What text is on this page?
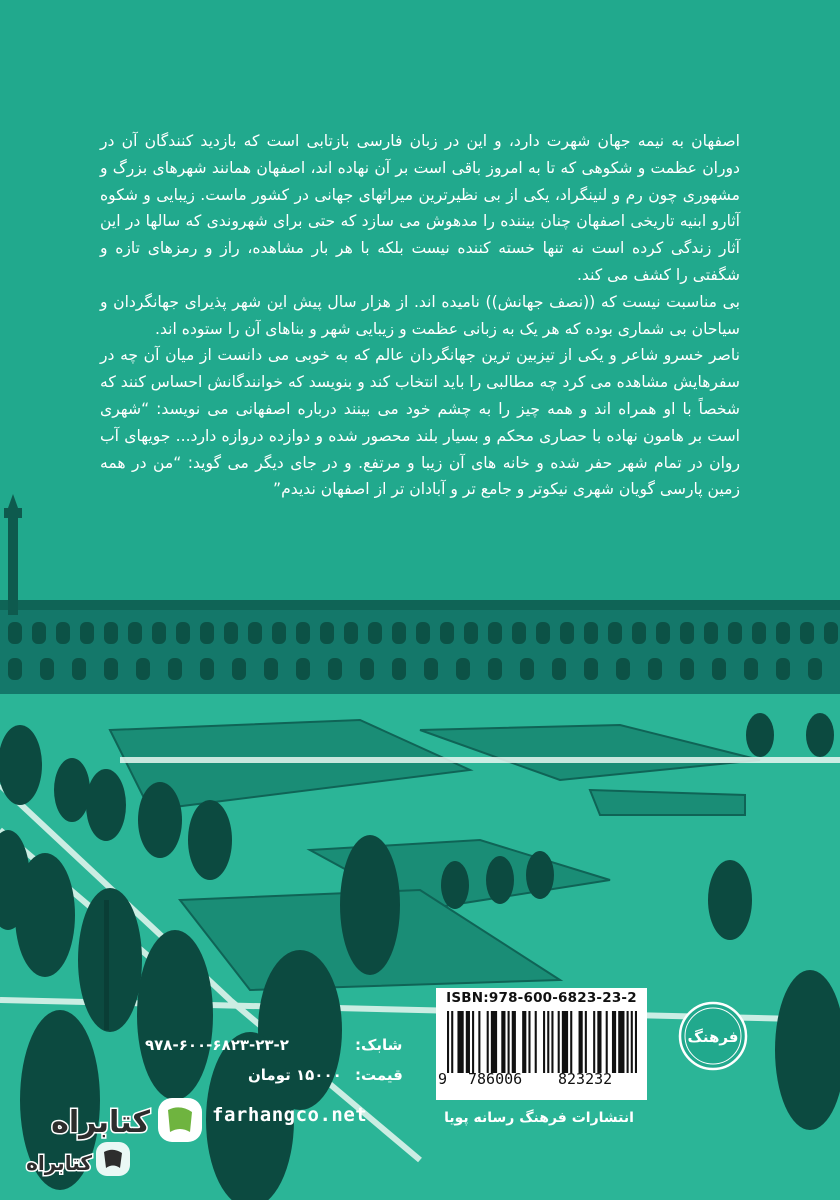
اصفهان به نیمه جهان شهرت دارد، و این در زبان فارسی بازتابی است که بازدید کنندگان آن در دوران عظمت و شکوهی که تا به امروز باقی است بر آن نهاده اند، اصفهان همانند شهرهای بزرگ و مشهوری چون رم و لنینگراد، یکی از بی نظیرترین میراثهای جهانی در کشور ماست. زیبایی و شکوه آثارو ابنیه تاریخی اصفهان چنان بیننده را مدهوش می سازد که حتی برای شهروندی که سالها در این آثار زندگی کرده است نه تنها خسته کننده نیست بلکه با هر بار مشاهده، راز و رمزهای تازه و شگفتی را کشف می کند.

بی مناسبت نیست که ((نصف جهانش)) نامیده اند. از هزار سال پیش این شهر پذیرای جهانگردان و سیاحان بی شماری بوده که هر یک به زبانی عظمت و زیبایی شهر و بناهای آن را ستوده اند.

ناصر خسرو شاعر و یکی از تیزبین ترین جهانگردان عالم که به خوبی می دانست از میان آن چه در سفرهایش مشاهده می کرد چه مطالبی را باید انتخاب کند و بنویسد که خوانندگانش احساس کنند که شخصاً با او همراه اند و همه چیز را به چشم خود می بینند درباره اصفهانی می نویسد: “شهری است بر هامون نهاده با حصاری محکم و بسیار بلند محصور شده و دوازده دروازه دارد... جویهای آب روان در تمام شهر حفر شده و خانه های آن زیبا و مرتفع. و در جای دیگر می گوید: “من در همه زمین پارسی گویان شهری نیکوتر و جامع تر و آبادان تر از اصفهان ندیدم”

ISBN:978-600-6823-23-2
9 786006 823232
شابک:
۹۷۸-۶۰۰-۶۸۲۳-۲۳-۲
قیمت:
۱۵۰۰۰ تومان
فرهنگ
انتشارات فرهنگ رسانه پویا
farhangco.net
کتابراه
کتابراه
